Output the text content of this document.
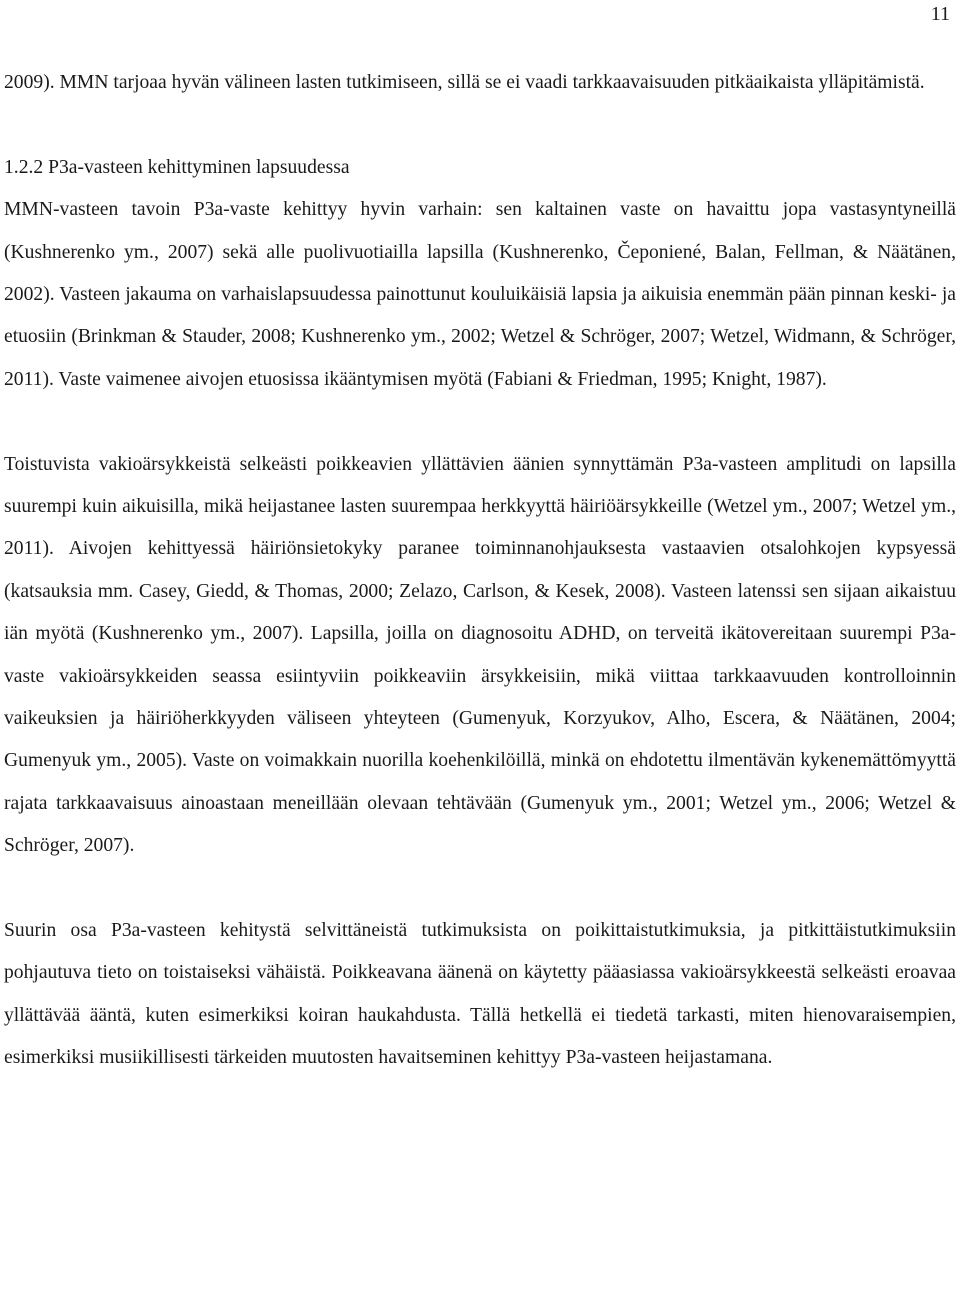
11

2009). MMN tarjoaa hyvän välineen lasten tutkimiseen, sillä se ei vaadi tarkkaavaisuuden pitkäaikaista ylläpitämistä.

1.2.2 P3a-vasteen kehittyminen lapsuudessa

MMN-vasteen tavoin P3a-vaste kehittyy hyvin varhain: sen kaltainen vaste on havaittu jopa vastasyntyneillä (Kushnerenko ym., 2007) sekä alle puolivuotiailla lapsilla (Kushnerenko, Čeponiené, Balan, Fellman, & Näätänen, 2002). Vasteen jakauma on varhaislapsuudessa painottunut kouluikäisiä lapsia ja aikuisia enemmän pään pinnan keski- ja etuosiin (Brinkman & Stauder, 2008; Kushnerenko ym., 2002; Wetzel & Schröger, 2007; Wetzel, Widmann, & Schröger, 2011). Vaste vaimenee aivojen etuosissa ikääntymisen myötä (Fabiani & Friedman, 1995; Knight, 1987).

Toistuvista vakioärsykkeistä selkeästi poikkeavien yllättävien äänien synnyttämän P3a-vasteen amplitudi on lapsilla suurempi kuin aikuisilla, mikä heijastanee lasten suurempaa herkkyyttä häiriöärsykkeille (Wetzel ym., 2007; Wetzel ym., 2011). Aivojen kehittyessä häiriönsietokyky paranee toiminnanohjauksesta vastaavien otsalohkojen kypsyessä (katsauksia mm. Casey, Giedd, & Thomas, 2000; Zelazo, Carlson, & Kesek, 2008). Vasteen latenssi sen sijaan aikaistuu iän myötä (Kushnerenko ym., 2007). Lapsilla, joilla on diagnosoitu ADHD, on terveitä ikätovereitaan suurempi P3a-vaste vakioärsykkeiden seassa esiintyviin poikkeaviin ärsykkeisiin, mikä viittaa tarkkaavuuden kontrolloinnin vaikeuksien ja häiriöherkkyyden väliseen yhteyteen (Gumenyuk, Korzyukov, Alho, Escera, & Näätänen, 2004; Gumenyuk ym., 2005). Vaste on voimakkain nuorilla koehenkilöillä, minkä on ehdotettu ilmentävän kykenemättömyyttä rajata tarkkaavaisuus ainoastaan meneillään olevaan tehtävään (Gumenyuk ym., 2001; Wetzel ym., 2006; Wetzel & Schröger, 2007).

Suurin osa P3a-vasteen kehitystä selvittäneistä tutkimuksista on poikittaistutkimuksia, ja pitkittäistutkimuksiin pohjautuva tieto on toistaiseksi vähäistä. Poikkeavana äänenä on käytetty pääasiassa vakioärsykkeestä selkeästi eroavaa yllättävää ääntä, kuten esimerkiksi koiran haukahdusta. Tällä hetkellä ei tiedetä tarkasti, miten hienovaraisempien, esimerkiksi musiikillisesti tärkeiden muutosten havaitseminen kehittyy P3a-vasteen heijastamana.
